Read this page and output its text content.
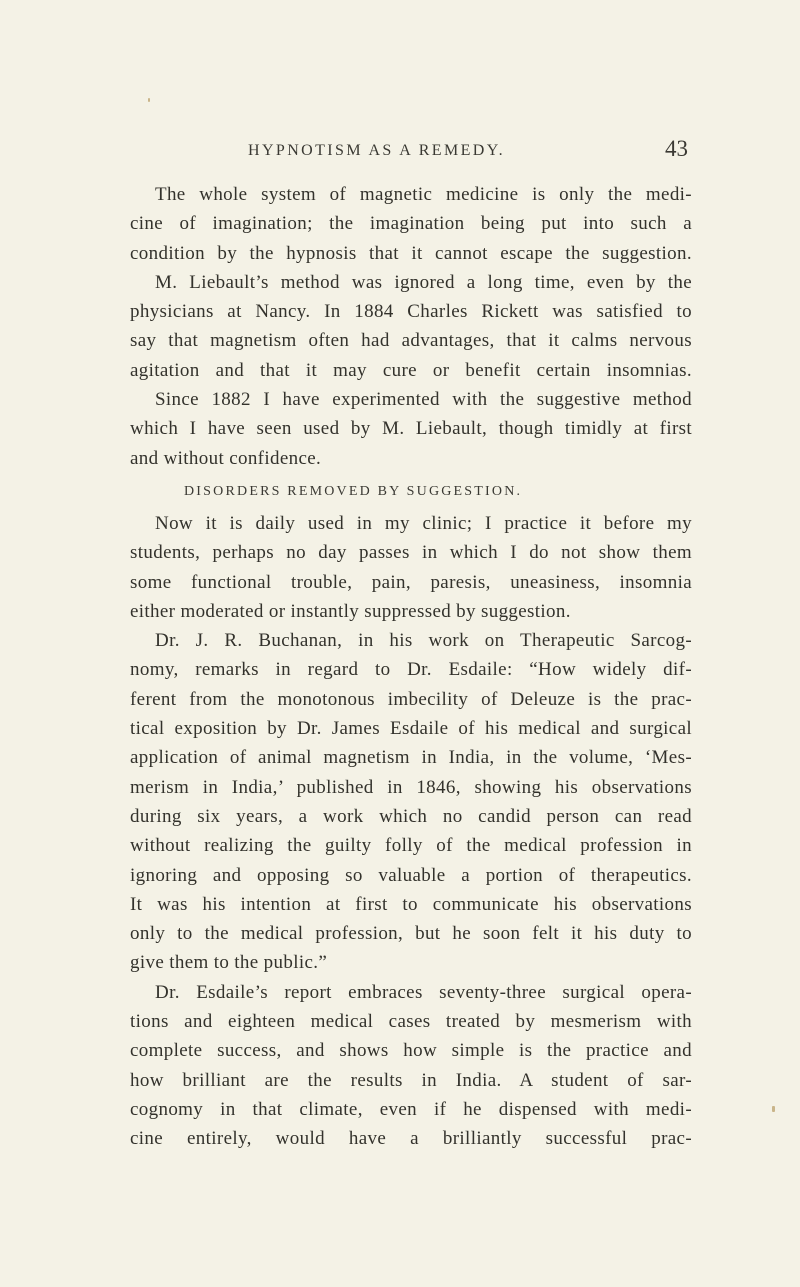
HYPNOTISM AS A REMEDY.	43
The whole system of magnetic medicine is only the medi-
cine of imagination; the imagination being put into such a
condition by the hypnosis that it cannot escape the suggestion.
M. Liebault’s method was ignored a long time, even by the
physicians at Nancy. In 1884 Charles Rickett was satisfied to
say that magnetism often had advantages, that it calms nervous
agitation and that it may cure or benefit certain insomnias.
Since 1882 I have experimented with the suggestive method
which I have seen used by M. Liebault, though timidly at first
and without confidence.
DISORDERS REMOVED BY SUGGESTION.
Now it is daily used in my clinic; I practice it before my
students, perhaps no day passes in which I do not show them
some functional trouble, pain, paresis, uneasiness, insomnia
either moderated or instantly suppressed by suggestion.
Dr. J. R. Buchanan, in his work on Therapeutic Sarcog-
nomy, remarks in regard to Dr. Esdaile: “How widely dif-
ferent from the monotonous imbecility of Deleuze is the prac-
tical exposition by Dr. James Esdaile of his medical and surgical
application of animal magnetism in India, in the volume, ‘Mes-
merism in India,’ published in 1846, showing his observations
during six years, a work which no candid person can read
without realizing the guilty folly of the medical profession in
ignoring and opposing so valuable a portion of therapeutics.
It was his intention at first to communicate his observations
only to the medical profession, but he soon felt it his duty to
give them to the public.”
Dr. Esdaile’s report embraces seventy-three surgical opera-
tions and eighteen medical cases treated by mesmerism with
complete success, and shows how simple is the practice and
how brilliant are the results in India. A student of sar-
cognomy in that climate, even if he dispensed with medi-
cine entirely, would have a brilliantly successful prac-
